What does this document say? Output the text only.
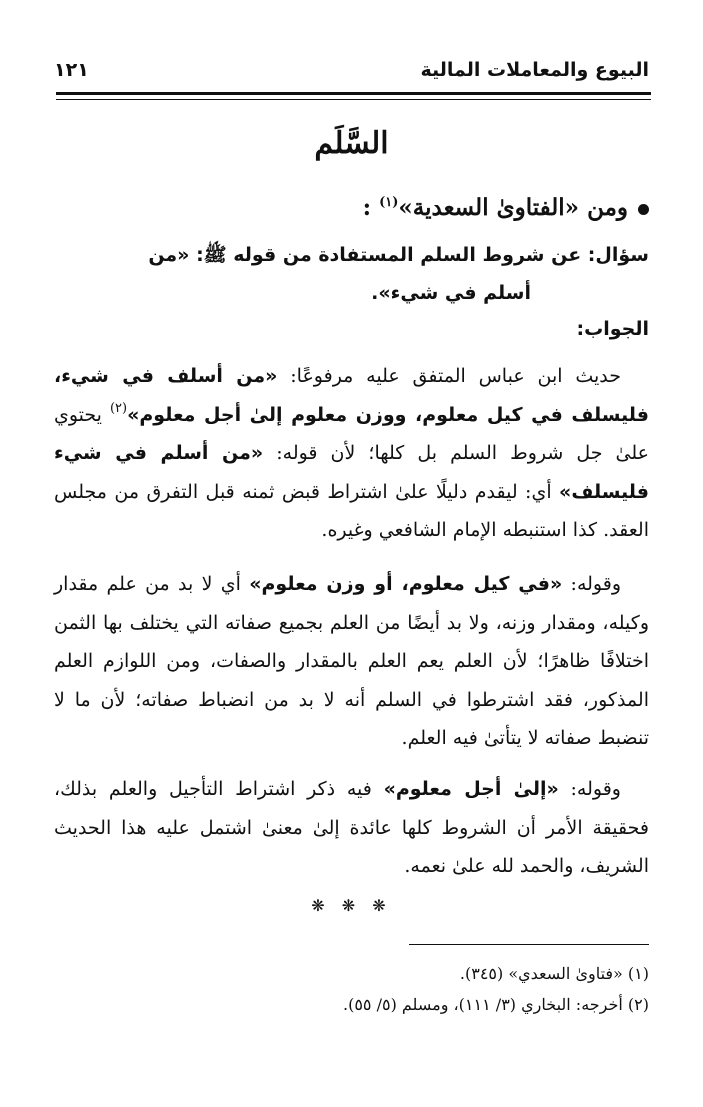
البيوع والمعاملات المالية
١٢١
السَّلَم
ومن «الفتاوىٰ السعدية»$^{(١)}$ :
سؤال: عن شروط السلم المستفادة من قوله ﷺ: «من
أسلم في شيء».
الجواب:

حديث ابن عباس المتفق عليه مرفوعًا: «من أسلف في شيء، فليسلف في كيل معلوم، ووزن معلوم إلىٰ أجل معلوم»$^{(٢)}$ يحتوي علىٰ جل شروط السلم بل كلها؛ لأن قوله: «من أسلم في شيء فليسلف» أي: ليقدم دليلًا علىٰ اشتراط قبض ثمنه قبل التفرق من مجلس العقد. كذا استنبطه الإمام الشافعي وغيره.

وقوله: «في كيل معلوم، أو وزن معلوم» أي لا بد من علم مقدار وكيله، ومقدار وزنه، ولا بد أيضًا من العلم بجميع صفاته التي يختلف بها الثمن اختلافًا ظاهرًا؛ لأن العلم يعم العلم بالمقدار والصفات، ومن اللوازم العلم المذكور، فقد اشترطوا في السلم أنه لا بد من انضباط صفاته؛ لأن ما لا تنضبط صفاته لا يتأتىٰ فيه العلم.

وقوله: «إلىٰ أجل معلوم» فيه ذكر اشتراط التأجيل والعلم بذلك، فحقيقة الأمر أن الشروط كلها عائدة إلىٰ معنىٰ اشتمل عليه هذا الحديث الشريف، والحمد لله علىٰ نعمه.

❋ ❋ ❋
(١) «فتاوىٰ السعدي» (٣٤٥).
(٢) أخرجه: البخاري (٣/ ١١١)، ومسلم (٥/ ٥٥).
